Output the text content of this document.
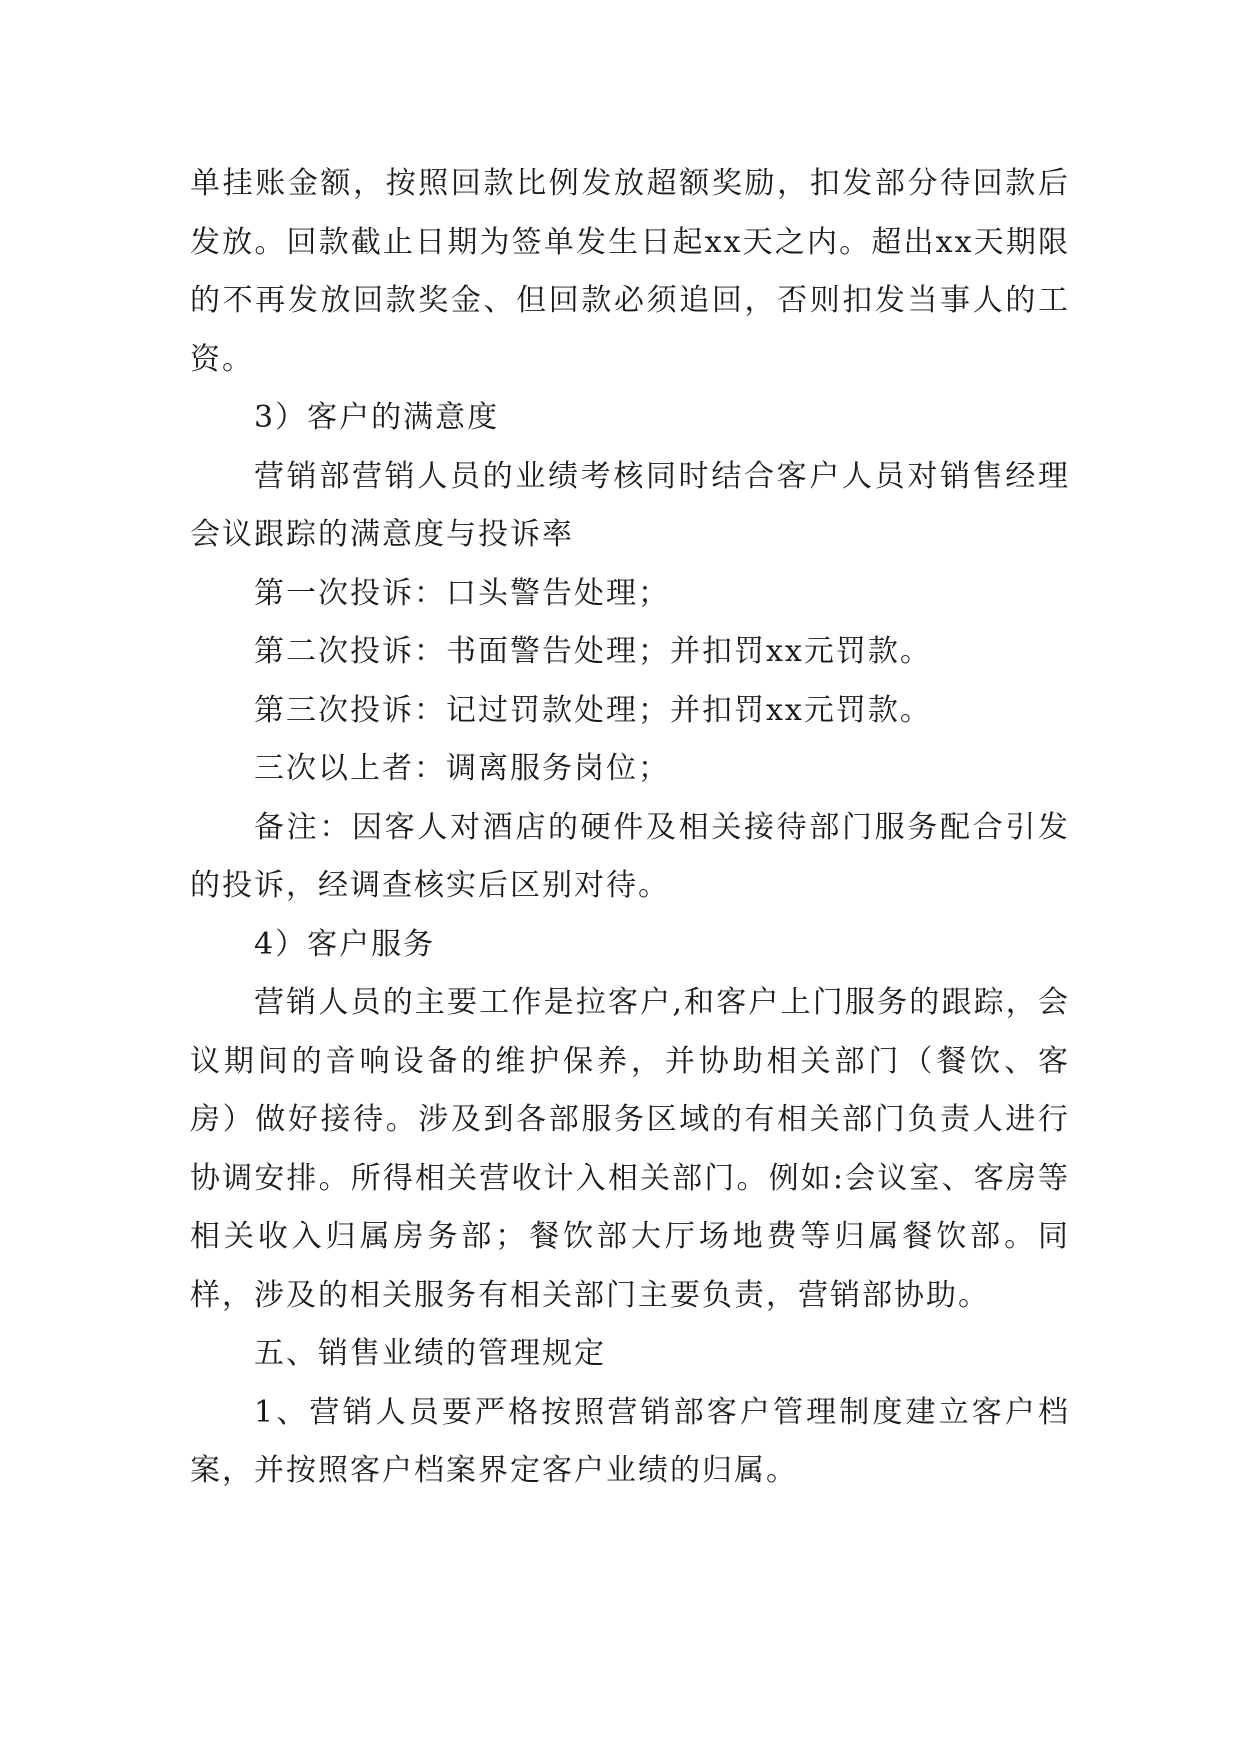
单挂账金额，按照回款比例发放超额奖励，扣发部分待回款后发放。回款截止日期为签单发生日起xx天之内。超出xx天期限的不再发放回款奖金、但回款必须追回，否则扣发当事人的工资。

3）客户的满意度

营销部营销人员的业绩考核同时结合客户人员对销售经理会议跟踪的满意度与投诉率

第一次投诉：口头警告处理；

第二次投诉：书面警告处理；并扣罚xx元罚款。

第三次投诉：记过罚款处理；并扣罚xx元罚款。

三次以上者：调离服务岗位；

备注：因客人对酒店的硬件及相关接待部门服务配合引发的投诉，经调查核实后区别对待。

4）客户服务

营销人员的主要工作是拉客户,和客户上门服务的跟踪，会议期间的音响设备的维护保养，并协助相关部门（餐饮、客房）做好接待。涉及到各部服务区域的有相关部门负责人进行协调安排。所得相关营收计入相关部门。例如:会议室、客房等相关收入归属房务部；餐饮部大厅场地费等归属餐饮部。同样，涉及的相关服务有相关部门主要负责，营销部协助。

五、销售业绩的管理规定

1、营销人员要严格按照营销部客户管理制度建立客户档案，并按照客户档案界定客户业绩的归属。
